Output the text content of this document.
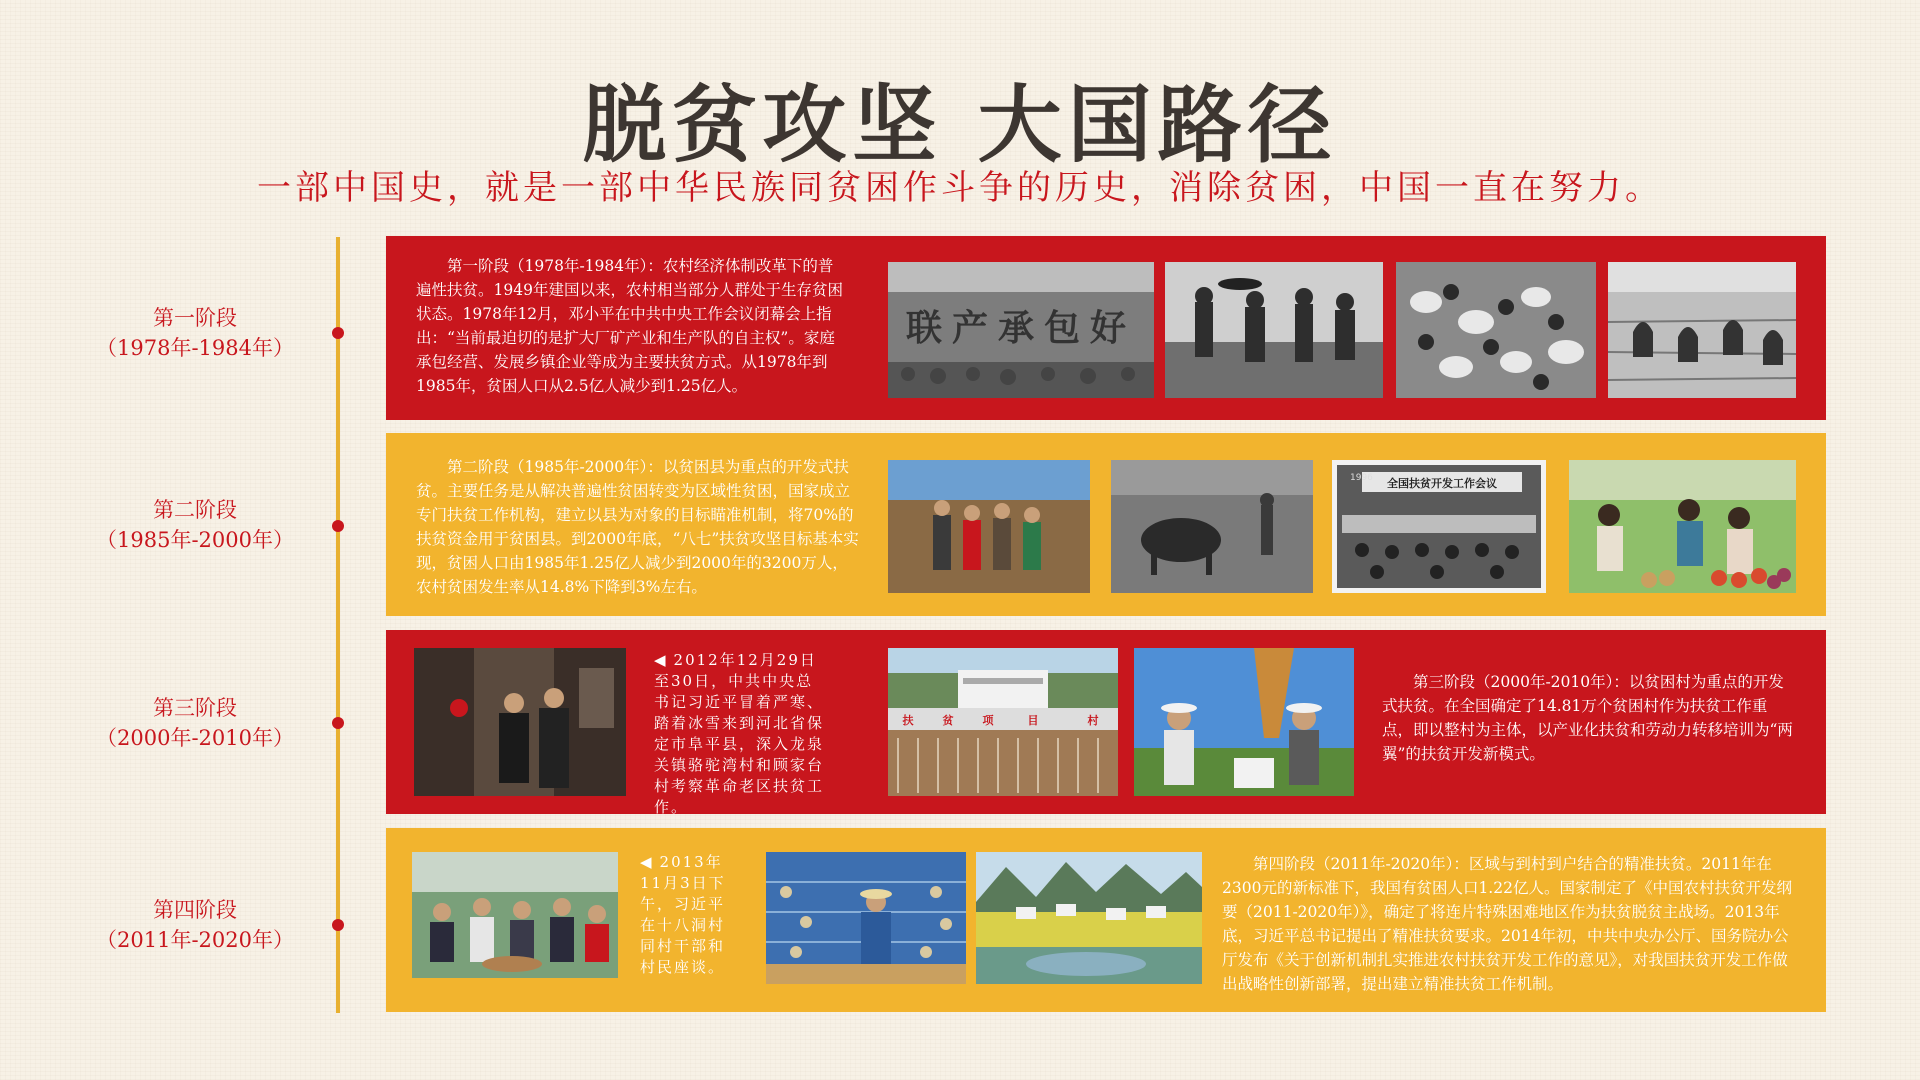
脱贫攻坚 大国路径
一部中国史，就是一部中华民族同贫困作斗争的历史，消除贫困，中国一直在努力。
第一阶段
（1978年-1984年）
第二阶段
（1985年-2000年）
第三阶段
（2000年-2010年）
第四阶段
（2011年-2020年）
第一阶段（1978年-1984年）：农村经济体制改革下的普遍性扶贫。1949年建国以来，农村相当部分人群处于生存贫困状态。1978年12月，邓小平在中共中央工作会议闭幕会上指出：“当前最迫切的是扩大厂矿产业和生产队的自主权”。家庭承包经营、发展乡镇企业等成为主要扶贫方式。从1978年到1985年，贫困人口从2.5亿人减少到1.25亿人。
联产承包好
第二阶段（1985年-2000年）：以贫困县为重点的开发式扶贫。主要任务是从解决普遍性贫困转变为区域性贫困，国家成立专门扶贫工作机构，建立以县为对象的目标瞄准机制，将70%的扶贫资金用于贫困县。到2000年底，“八七”扶贫攻坚目标基本实现，贫困人口由1985年1.25亿人减少到2000年的3200万人，农村贫困发生率从14.8%下降到3%左右。
全国扶贫开发工作会议
1996
◀ 2012年12月29日至30日，中共中央总书记习近平冒着严寒、踏着冰雪来到河北省保定市阜平县，深入龙泉关镇骆驼湾村和顾家台村考察革命老区扶贫工作。
扶	贫	项	目	村
第三阶段（2000年-2010年）：以贫困村为重点的开发式扶贫。在全国确定了14.81万个贫困村作为扶贫工作重点，即以整村为主体，以产业化扶贫和劳动力转移培训为“两翼”的扶贫开发新模式。
◀ 2013年11月3日下午，习近平在十八洞村同村干部和村民座谈。
第四阶段（2011年-2020年）：区域与到村到户结合的精准扶贫。2011年在2300元的新标准下，我国有贫困人口1.22亿人。国家制定了《中国农村扶贫开发纲要（2011-2020年）》，确定了将连片特殊困难地区作为扶贫脱贫主战场。2013年底，习近平总书记提出了精准扶贫要求。2014年初，中共中央办公厅、国务院办公厅发布《关于创新机制扎实推进农村扶贫开发工作的意见》，对我国扶贫开发工作做出战略性创新部署，提出建立精准扶贫工作机制。
